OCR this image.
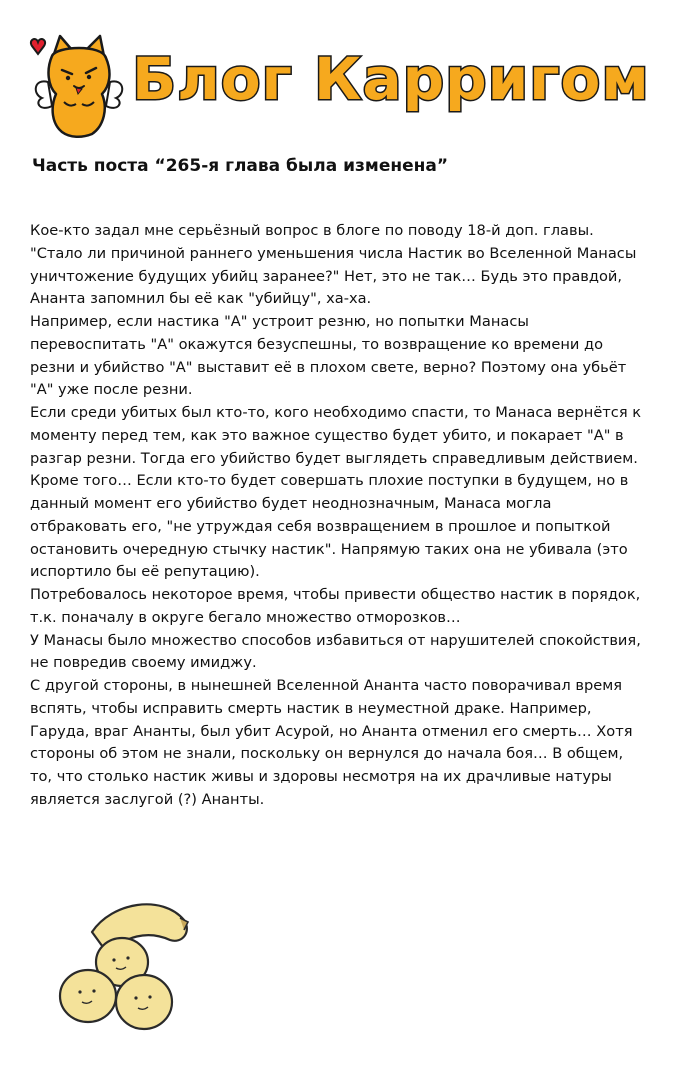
Блог Карригом
Часть поста “265-я глава была изменена”

Кое-кто задал мне серьёзный вопрос в блоге по поводу 18-й доп. главы. "Стало ли причиной раннего уменьшения числа Настик во Вселенной Манасы уничтожение будущих убийц заранее?" Нет, это не так… Будь это правдой, Ананта запомнил бы её как "убийцу", ха-ха.

Например, если настика "А" устроит резню, но попытки Манасы перевоспитать "А" окажутся безуспешны, то возвращение ко времени до резни и убийство "А" выставит её в плохом свете, верно? Поэтому она убьёт "А" уже после резни.

Если среди убитых был кто-то, кого необходимо спасти, то Манаса вернётся к моменту перед тем, как это важное существо будет убито, и покарает "А" в разгар резни. Тогда его убийство будет выглядеть справедливым действием.

Кроме того… Если кто-то будет совершать плохие поступки в будущем, но в данный момент его убийство будет неоднозначным, Манаса могла отбраковать его, "не утруждая себя возвращением в прошлое и попыткой остановить очередную стычку настик". Напрямую таких она не убивала (это испортило бы её репутацию).

Потребовалось некоторое время, чтобы привести общество настик в порядок, т.к. поначалу в округе бегало множество отморозков…

У Манасы было множество способов избавиться от нарушителей спокойствия, не повредив своему имиджу.

С другой стороны, в нынешней Вселенной Ананта часто поворачивал время вспять, чтобы исправить смерть настик в неуместной драке. Например, Гаруда, враг Ананты, был убит Асурой, но Ананта отменил его смерть… Хотя стороны об этом не знали, поскольку он вернулся до начала боя… В общем, то, что столько настик живы и здоровы несмотря на их драчливые натуры является заслугой (?) Ананты.
